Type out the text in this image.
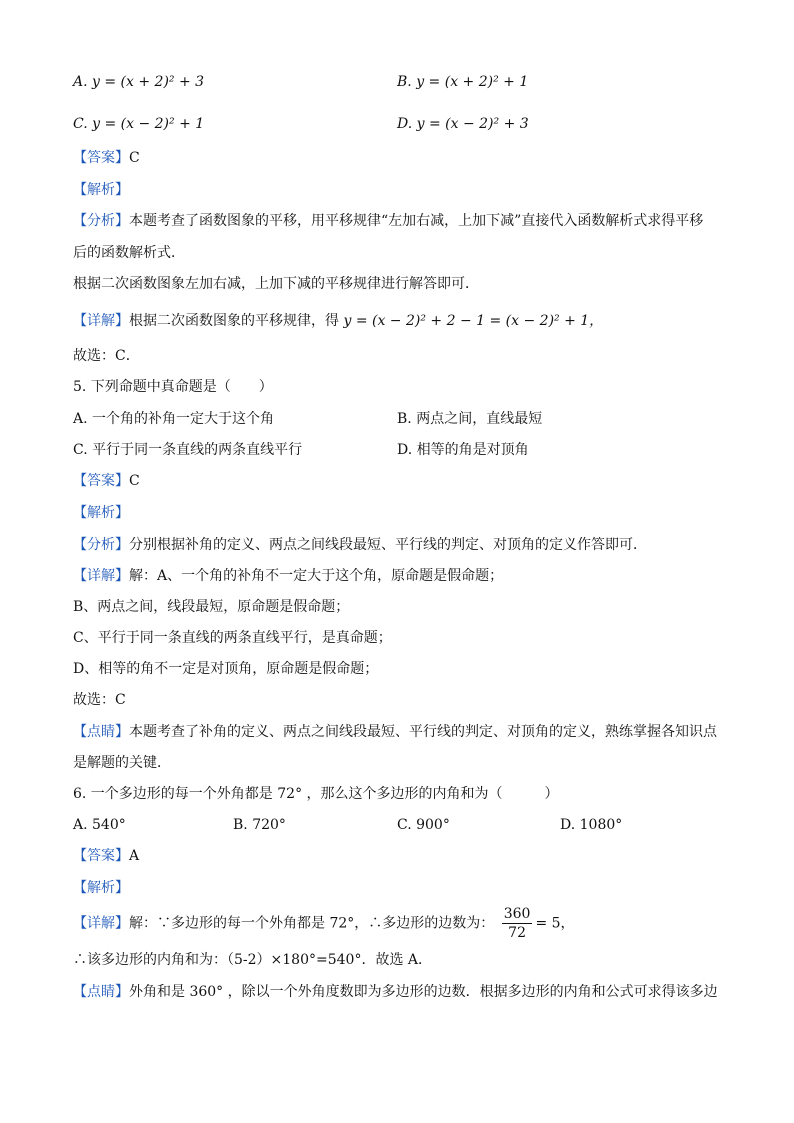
A. y = (x + 2)² + 3	B. y = (x + 2)² + 1
C. y = (x − 2)² + 1	D. y = (x − 2)² + 3
【答案】C
【解析】
【分析】本题考查了函数图象的平移，用平移规律“左加右减，上加下减”直接代入函数解析式求得平移
后的函数解析式．
根据二次函数图象左加右减，上加下减的平移规律进行解答即可．
【详解】根据二次函数图象的平移规律，得 y = (x − 2)² + 2 − 1 = (x − 2)² + 1，
故选：C．
5. 下列命题中真命题是（　　）
A. 一个角的补角一定大于这个角	B. 两点之间，直线最短
C. 平行于同一条直线的两条直线平行	D. 相等的角是对顶角
【答案】C
【解析】
【分析】分别根据补角的定义、两点之间线段最短、平行线的判定、对顶角的定义作答即可．
【详解】解：A、一个角的补角不一定大于这个角，原命题是假命题；
B、两点之间，线段最短，原命题是假命题；
C、平行于同一条直线的两条直线平行，是真命题；
D、相等的角不一定是对顶角，原命题是假命题；
故选：C
【点睛】本题考查了补角的定义、两点之间线段最短、平行线的判定、对顶角的定义，熟练掌握各知识点
是解题的关键．
6. 一个多边形的每一个外角都是 72° ，那么这个多边形的内角和为（　　　）
A. 540°	B. 720°	C. 900°	D. 1080°
【答案】A
【解析】
【详解】解：∵多边形的每一个外角都是 72°，∴多边形的边数为： $\frac{360}{72} = 5$，
∴该多边形的内角和为：（5-2）×180°=540°．故选 A．
【点睛】外角和是 360° ，除以一个外角度数即为多边形的边数．根据多边形的内角和公式可求得该多边
